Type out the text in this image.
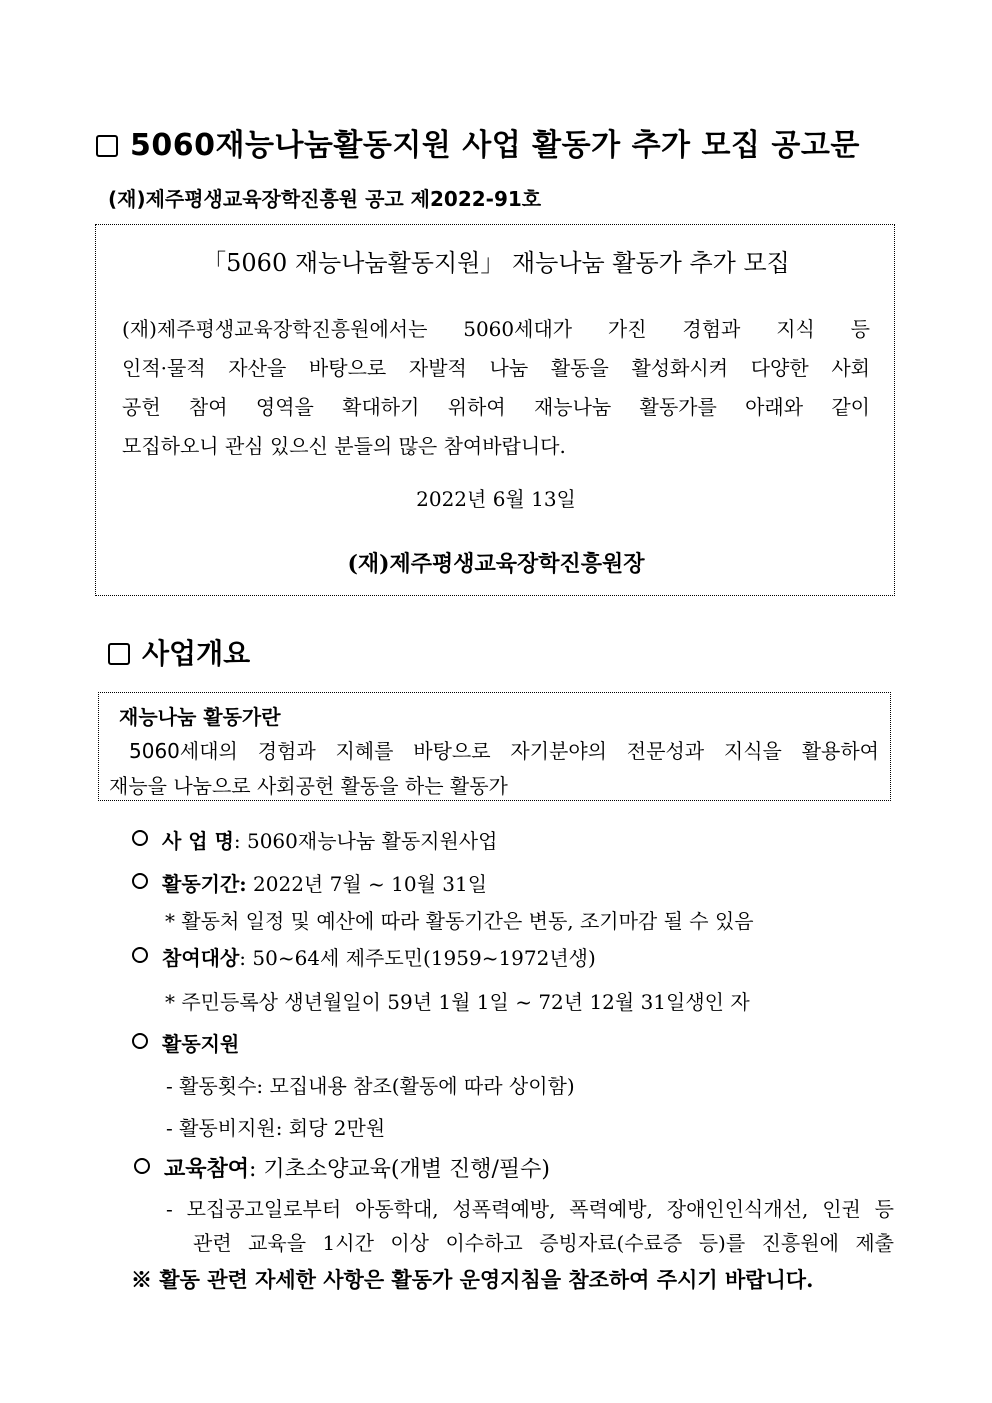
5060재능나눔활동지원 사업 활동가 추가 모집 공고문
(재)제주평생교육장학진흥원 공고 제2022-91호
「5060 재능나눔활동지원」 재능나눔 활동가 추가 모집
(재)제주평생교육장학진흥원에서는 5060세대가 가진 경험과 지식 등
인적·물적 자산을 바탕으로 자발적 나눔 활동을 활성화시켜 다양한 사회
공헌 참여 영역을 확대하기 위하여 재능나눔 활동가를 아래와 같이
모집하오니 관심 있으신 분들의 많은 참여바랍니다.
2022년 6월 13일
(재)제주평생교육장학진흥원장
사업개요
재능나눔 활동가란
5060세대의 경험과 지혜를 바탕으로 자기분야의 전문성과 지식을 활용하여
재능을 나눔으로 사회공헌 활동을 하는 활동가
사 업 명: 5060재능나눔 활동지원사업
활동기간: 2022년 7월 ~ 10월 31일
* 활동처 일정 및 예산에 따라 활동기간은 변동, 조기마감 될 수 있음
참여대상: 50~64세 제주도민(1959~1972년생)
* 주민등록상 생년월일이 59년 1월 1일 ~ 72년 12월 31일생인 자
활동지원
- 활동횟수: 모집내용 참조(활동에 따라 상이함)
- 활동비지원: 회당 2만원
교육참여: 기초소양교육(개별 진행/필수)
- 모집공고일로부터 아동학대, 성폭력예방, 폭력예방, 장애인인식개선, 인권 등
관련 교육을 1시간 이상 이수하고 증빙자료(수료증 등)를 진흥원에 제출
※ 활동 관련 자세한 사항은 활동가 운영지침을 참조하여 주시기 바랍니다.
